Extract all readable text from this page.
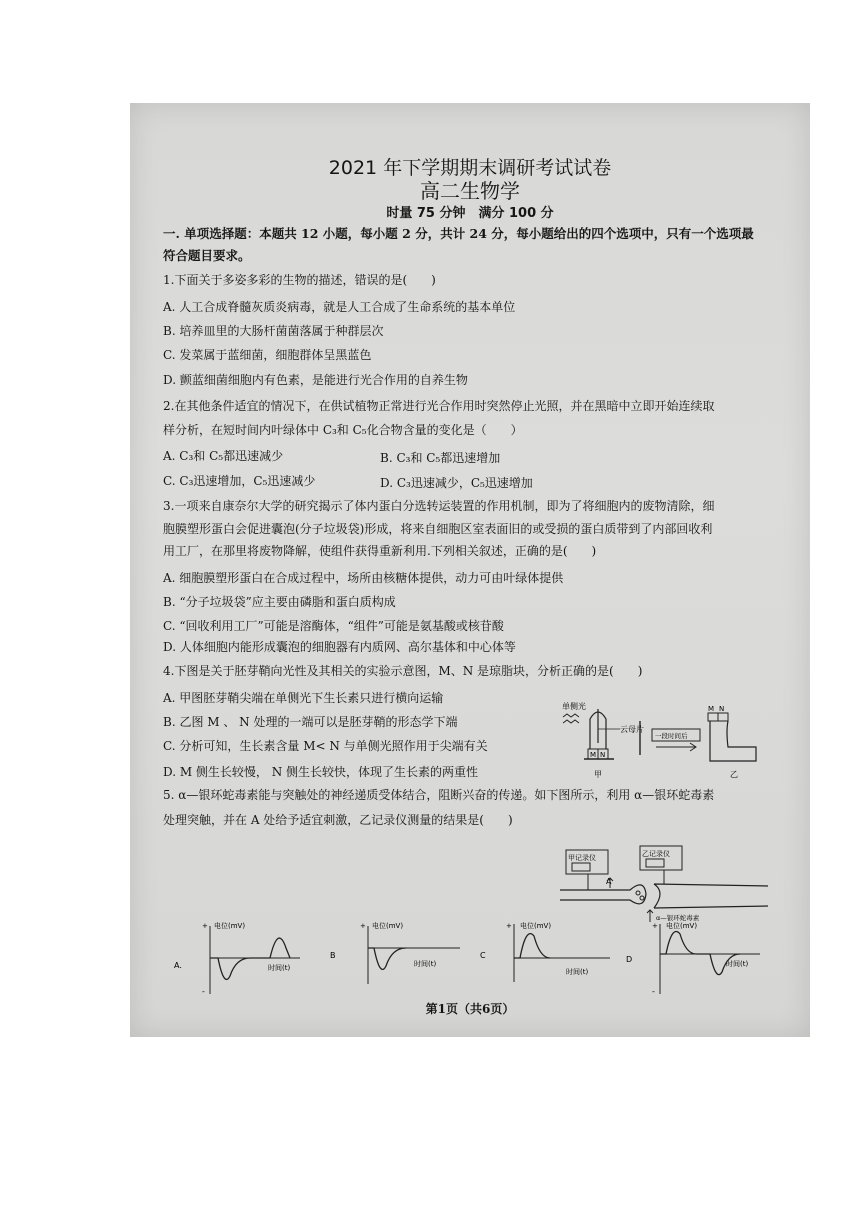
2021 年下学期期末调研考试试卷
高二生物学
时量 75 分钟　满分 100 分
一. 单项选择题：本题共 12 小题，每小题 2 分，共计 24 分，每小题给出的四个选项中，只有一个选项最
符合题目要求。
1.下面关于多姿多彩的生物的描述，错误的是(　　)
A. 人工合成脊髓灰质炎病毒，就是人工合成了生命系统的基本单位
B. 培养皿里的大肠杆菌菌落属于种群层次
C. 发菜属于蓝细菌，细胞群体呈黑蓝色
D. 颤蓝细菌细胞内有色素，是能进行光合作用的自养生物
2.在其他条件适宜的情况下，在供试植物正常进行光合作用时突然停止光照，并在黑暗中立即开始连续取
样分析，在短时间内叶绿体中 C₃和 C₅化合物含量的变化是（　　）
A. C₃和 C₅都迅速减少	B. C₃和 C₅都迅速增加
C. C₃迅速增加，C₅迅速减少	D. C₃迅速减少，C₅迅速增加
3.一项来自康奈尔大学的研究揭示了体内蛋白分选转运装置的作用机制，即为了将细胞内的废物清除，细
胞膜塑形蛋白会促进囊泡(分子垃圾袋)形成，将来自细胞区室表面旧的或受损的蛋白质带到了内部回收利
用工厂，在那里将废物降解，使组件获得重新利用.下列相关叙述，正确的是(　　)
A. 细胞膜塑形蛋白在合成过程中，场所由核糖体提供，动力可由叶绿体提供
B. “分子垃圾袋”应主要由磷脂和蛋白质构成
C. “回收利用工厂”可能是溶酶体，“组件”可能是氨基酸或核苷酸
D. 人体细胞内能形成囊泡的细胞器有内质网、高尔基体和中心体等
4.下图是关于胚芽鞘向光性及其相关的实验示意图，M、N 是琼脂块，分析正确的是(　　)
A. 甲图胚芽鞘尖端在单侧光下生长素只进行横向运输
B. 乙图 M 、 N 处理的一端可以是胚芽鞘的形态学下端
C. 分析可知，生长素含量 M< N 与单侧光照作用于尖端有关
D. M 侧生长较慢， N 侧生长较快，体现了生长素的两重性
单侧光
云母片
M N
甲
一段时间后
M N
乙
5. α—银环蛇毒素能与突触处的神经递质受体结合，阻断兴奋的传递。如下图所示，利用 α—银环蛇毒素
处理突触，并在 A 处给予适宜刺激，乙记录仪测量的结果是(　　)
甲记录仪	乙记录仪
A
α—银环蛇毒素
A.
+
-
电位(mV)
时间(t)
B
+ 电位(mV)
时间(t)
C
+ 电位(mV)
时间(t)
D
+
-
电位(mV)
时间(t)
第1页（共6页）
